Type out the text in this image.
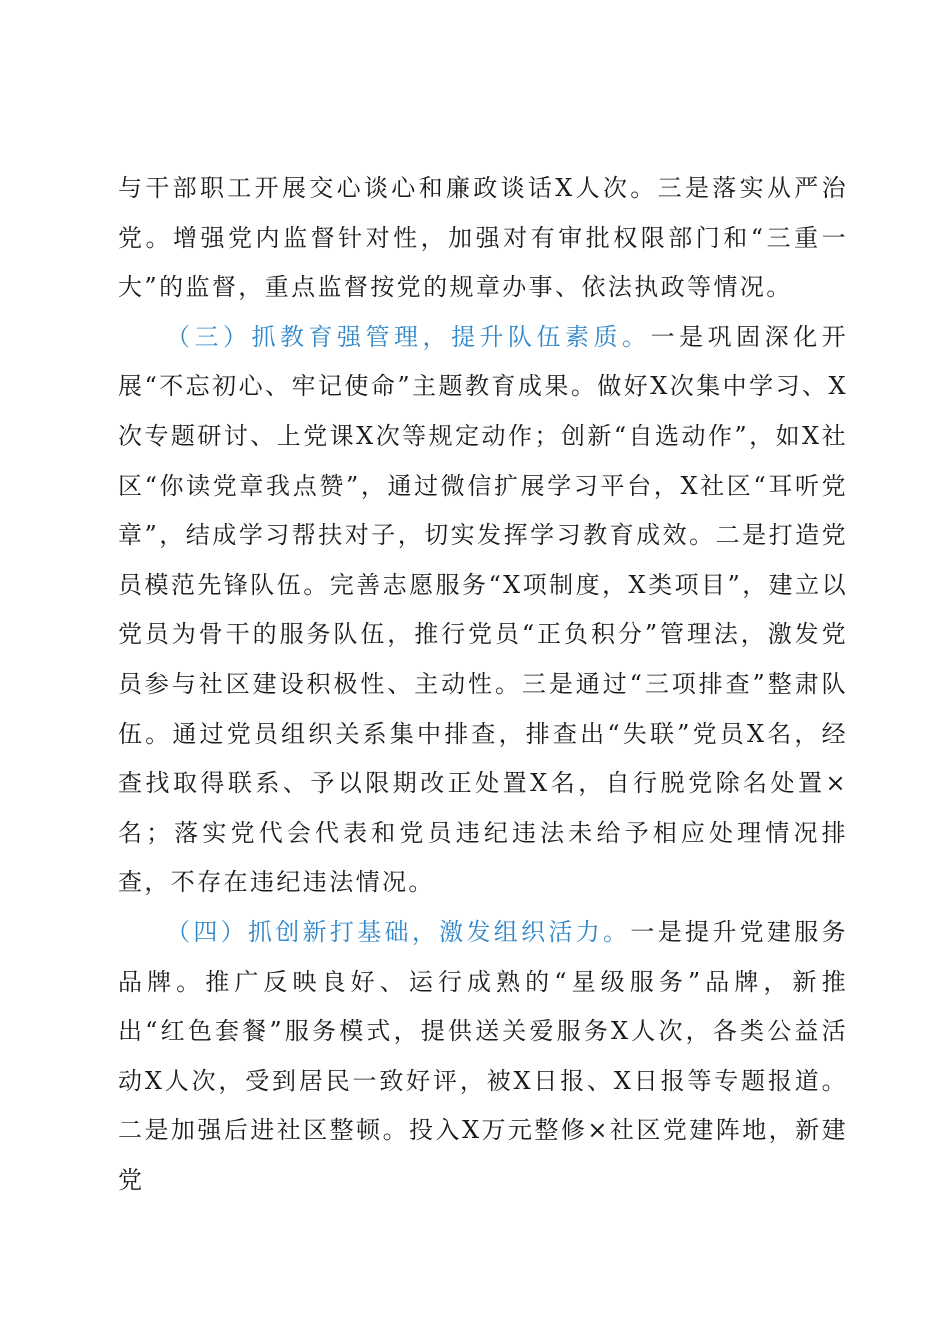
与干部职工开展交心谈心和廉政谈话X人次。三是落实从严治党。增强党内监督针对性，加强对有审批权限部门和“三重一大”的监督，重点监督按党的规章办事、依法执政等情况。

（三）抓教育强管理，提升队伍素质。一是巩固深化开展“不忘初心、牢记使命”主题教育成果。做好X次集中学习、X次专题研讨、上党课X次等规定动作；创新“自选动作”，如X社区“你读党章我点赞”，通过微信扩展学习平台，X社区“耳听党章”，结成学习帮扶对子，切实发挥学习教育成效。二是打造党员模范先锋队伍。完善志愿服务“X项制度，X类项目”，建立以党员为骨干的服务队伍，推行党员“正负积分”管理法，激发党员参与社区建设积极性、主动性。三是通过“三项排查”整肃队伍。通过党员组织关系集中排查，排查出“失联”党员X名，经查找取得联系、予以限期改正处置X名，自行脱党除名处置×名；落实党代会代表和党员违纪违法未给予相应处理情况排查，不存在违纪违法情况。

（四）抓创新打基础，激发组织活力。一是提升党建服务品牌。推广反映良好、运行成熟的“星级服务”品牌，新推出“红色套餐”服务模式，提供送关爱服务X人次，各类公益活动X人次，受到居民一致好评，被X日报、X日报等专题报道。二是加强后进社区整顿。投入X万元整修×社区党建阵地，新建党
